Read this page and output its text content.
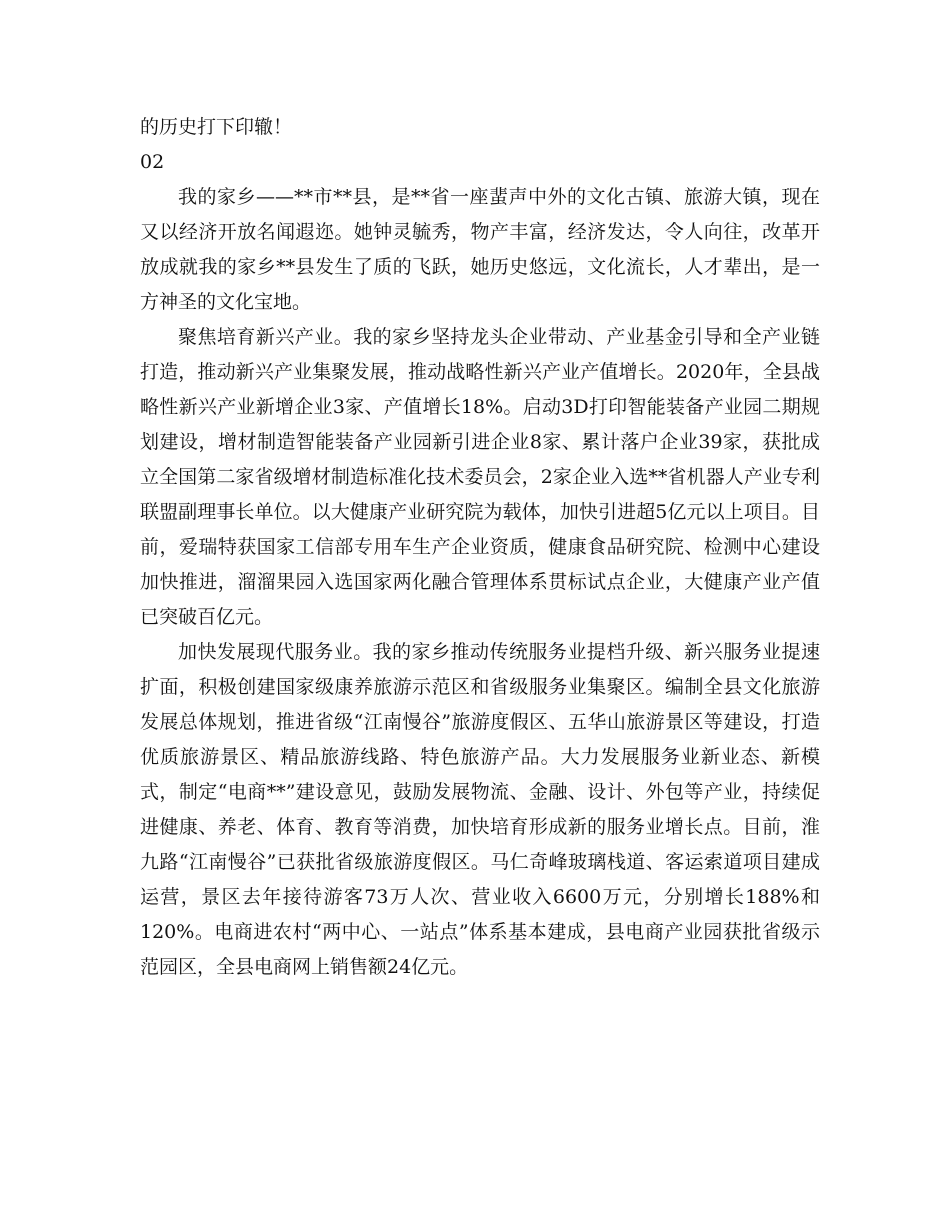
的历史打下印辙！

02

我的家乡——**市**县，是**省一座蜚声中外的文化古镇、旅游大镇，现在又以经济开放名闻遐迩。她钟灵毓秀，物产丰富，经济发达，令人向往，改革开放成就我的家乡**县发生了质的飞跃，她历史悠远，文化流长，人才辈出，是一方神圣的文化宝地。

聚焦培育新兴产业。我的家乡坚持龙头企业带动、产业基金引导和全产业链打造，推动新兴产业集聚发展，推动战略性新兴产业产值增长。2020年，全县战略性新兴产业新增企业3家、产值增长18%。启动3D打印智能装备产业园二期规划建设，增材制造智能装备产业园新引进企业8家、累计落户企业39家，获批成立全国第二家省级增材制造标准化技术委员会，2家企业入选**省机器人产业专利联盟副理事长单位。以大健康产业研究院为载体，加快引进超5亿元以上项目。目前，爱瑞特获国家工信部专用车生产企业资质，健康食品研究院、检测中心建设加快推进，溜溜果园入选国家两化融合管理体系贯标试点企业，大健康产业产值已突破百亿元。

加快发展现代服务业。我的家乡推动传统服务业提档升级、新兴服务业提速扩面，积极创建国家级康养旅游示范区和省级服务业集聚区。编制全县文化旅游发展总体规划，推进省级“江南慢谷”旅游度假区、五华山旅游景区等建设，打造优质旅游景区、精品旅游线路、特色旅游产品。大力发展服务业新业态、新模式，制定“电商**”建设意见，鼓励发展物流、金融、设计、外包等产业，持续促进健康、养老、体育、教育等消费，加快培育形成新的服务业增长点。目前，淮九路“江南慢谷”已获批省级旅游度假区。马仁奇峰玻璃栈道、客运索道项目建成运营，景区去年接待游客73万人次、营业收入6600万元，分别增长188%和120%。电商进农村“两中心、一站点”体系基本建成，县电商产业园获批省级示范园区，全县电商网上销售额24亿元。
